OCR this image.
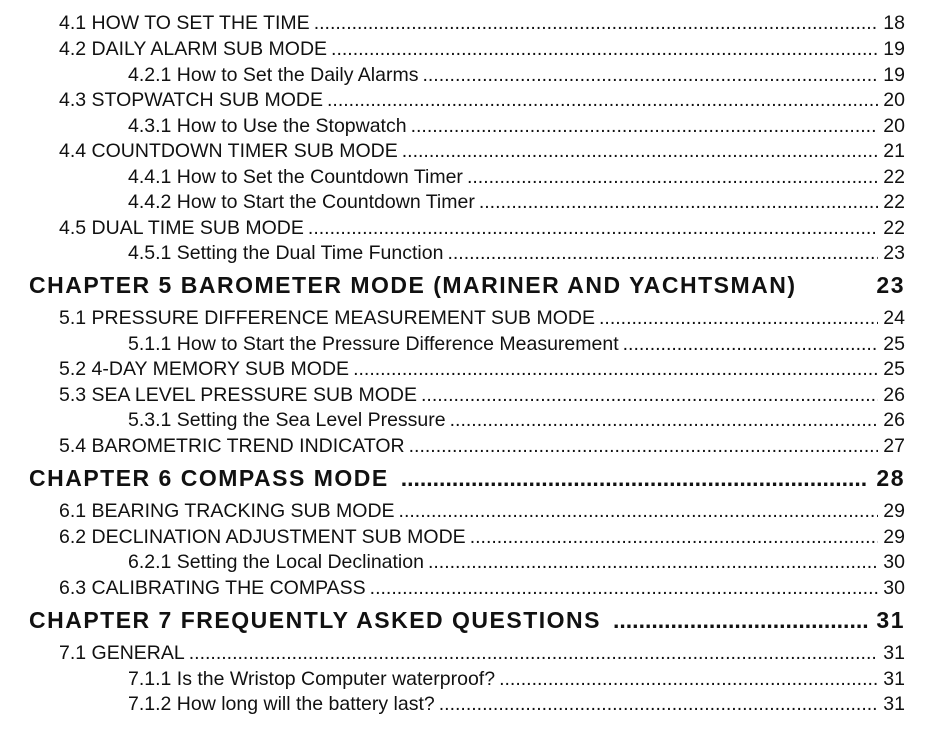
4.1 HOW TO SET THE TIME .....	18
4.2 DAILY ALARM SUB MODE .....	19
4.2.1 How to Set the Daily Alarms .....	19
4.3 STOPWATCH SUB MODE .....	20
4.3.1 How to Use the Stopwatch .....	20
4.4 COUNTDOWN TIMER SUB MODE .....	21
4.4.1 How to Set the Countdown Timer .....	22
4.4.2 How to Start the Countdown Timer .....	22
4.5 DUAL TIME SUB MODE .....	22
4.5.1 Setting the Dual Time Function .....	23
CHAPTER 5 BAROMETER MODE (MARINER AND YACHTSMAN)	23
5.1 PRESSURE DIFFERENCE MEASUREMENT SUB MODE .....	24
5.1.1 How to Start the Pressure Difference Measurement .....	25
5.2 4-DAY MEMORY SUB MODE .....	25
5.3 SEA LEVEL PRESSURE SUB MODE .....	26
5.3.1 Setting the Sea Level Pressure .....	26
5.4 BAROMETRIC TREND INDICATOR .....	27
CHAPTER 6 COMPASS MODE .....	28
6.1 BEARING TRACKING SUB MODE .....	29
6.2 DECLINATION ADJUSTMENT SUB MODE .....	29
6.2.1 Setting the Local Declination .....	30
6.3 CALIBRATING THE COMPASS .....	30
CHAPTER 7 FREQUENTLY ASKED QUESTIONS .....	31
7.1 GENERAL .....	31
7.1.1 Is the Wristop Computer waterproof? .....	31
7.1.2 How long will the battery last? .....	31
